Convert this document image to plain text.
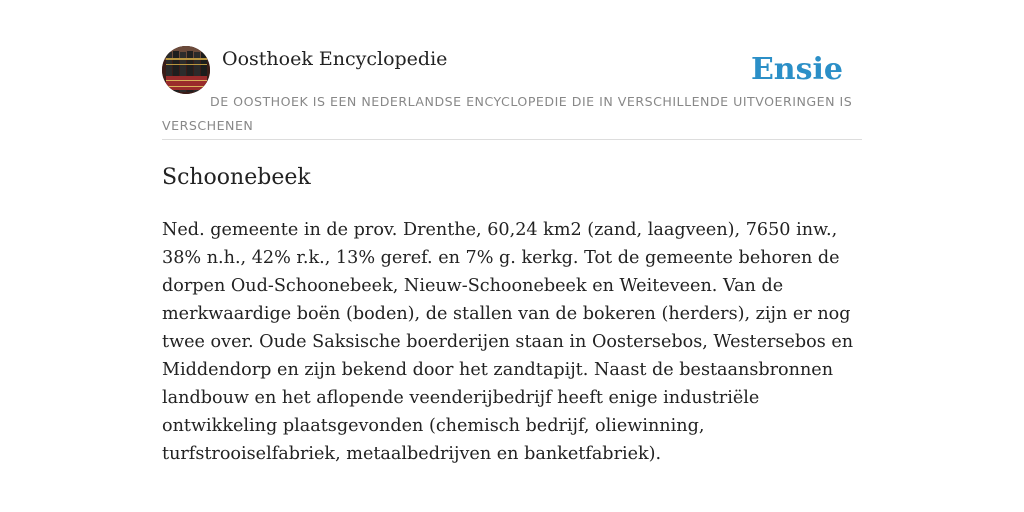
Oosthoek Encyclopedie	Ensie
DE OOSTHOEK IS EEN NEDERLANDSE ENCYCLOPEDIE DIE IN VERSCHILLENDE UITVOERINGEN IS VERSCHENEN
Schoonebeek

Ned. gemeente in de prov. Drenthe, 60,24 km2 (zand, laagveen), 7650 inw., 38% n.h., 42% r.k., 13% geref. en 7% g. kerkg. Tot de gemeente behoren de dorpen Oud-Schoonebeek, Nieuw-Schoonebeek en Weiteveen. Van de merkwaardige boën (boden), de stallen van de bokeren (herders), zijn er nog twee over. Oude Saksische boerderijen staan in Oostersebos, Westersebos en Middendorp en zijn bekend door het zandtapijt. Naast de bestaansbronnen landbouw en het aflopende veenderijbedrijf heeft enige industriële ontwikkeling plaatsgevonden (chemisch bedrijf, oliewinning, turfstrooiselfabriek, metaalbedrijven en banketfabriek).
